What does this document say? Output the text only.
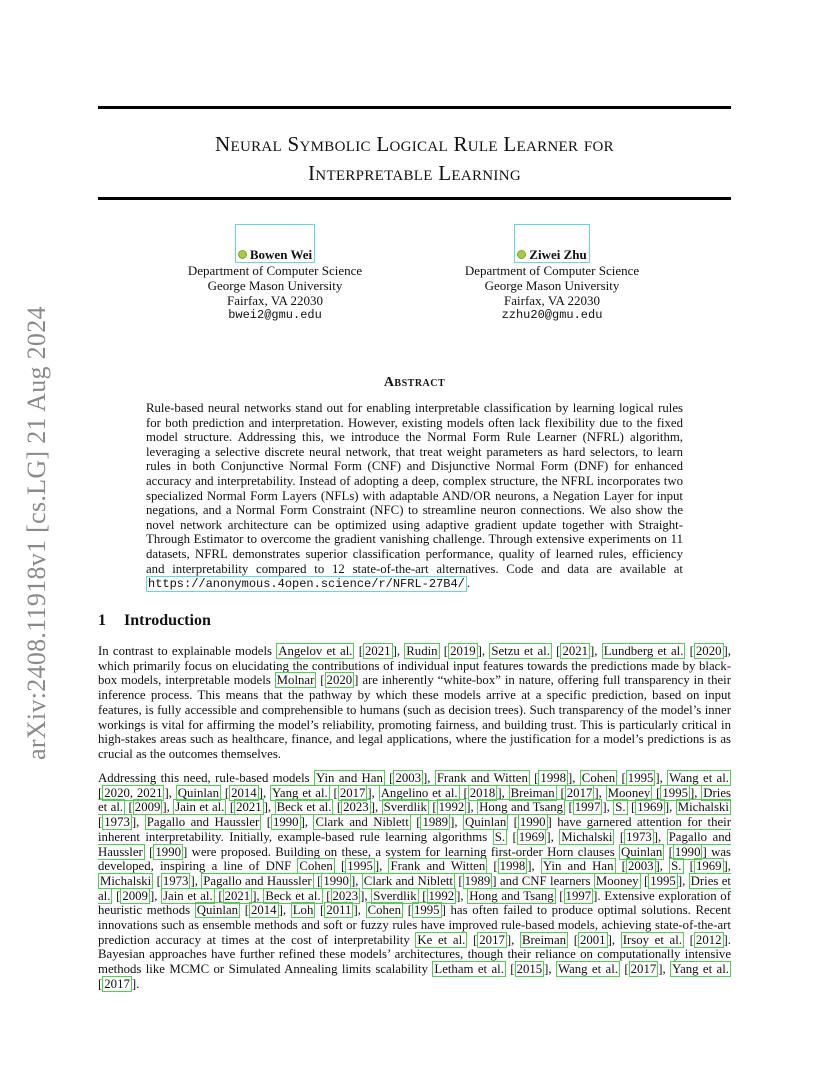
arXiv:2408.11918v1 [cs.LG] 21 Aug 2024
Neural Symbolic Logical Rule Learner for
Interpretable Learning
Bowen Wei
Department of Computer Science
George Mason University
Fairfax, VA 22030
bwei2@gmu.edu
Ziwei Zhu
Department of Computer Science
George Mason University
Fairfax, VA 22030
zzhu20@gmu.edu
Abstract
Rule-based neural networks stand out for enabling interpretable classification by learning logical rules for both prediction and interpretation. However, existing models often lack flexibility due to the fixed model structure. Addressing this, we introduce the Normal Form Rule Learner (NFRL) algorithm, leveraging a selective discrete neural network, that treat weight parameters as hard selectors, to learn rules in both Conjunctive Normal Form (CNF) and Disjunctive Normal Form (DNF) for enhanced accuracy and interpretability. Instead of adopting a deep, complex structure, the NFRL incorporates two specialized Normal Form Layers (NFLs) with adaptable AND/OR neurons, a Negation Layer for input negations, and a Normal Form Constraint (NFC) to streamline neuron connections. We also show the novel network architecture can be optimized using adaptive gradient update together with Straight-Through Estimator to overcome the gradient vanishing challenge. Through extensive experiments on 11 datasets, NFRL demonstrates superior classification performance, quality of learned rules, efficiency and interpretability compared to 12 state-of-the-art alternatives. Code and data are available at https://anonymous.4open.science/r/NFRL-27B4/ .
1 Introduction
In contrast to explainable models Angelov et al. [ 2021 ], Rudin [ 2019 ], Setzu et al. [ 2021 ], Lundberg et al. [ 2020 ], which primarily focus on elucidating the contributions of individual input features towards the predictions made by black-box models, interpretable models Molnar [ 2020 ] are inherently “white-box” in nature, offering full transparency in their inference process. This means that the pathway by which these models arrive at a specific prediction, based on input features, is fully accessible and comprehensible to humans (such as decision trees). Such transparency of the model’s inner workings is vital for affirming the model’s reliability, promoting fairness, and building trust. This is particularly critical in high-stakes areas such as healthcare, finance, and legal applications, where the justification for a model’s predictions is as crucial as the outcomes themselves.
Addressing this need, rule-based models Yin and Han [ 2003 ], Frank and Witten [ 1998 ], Cohen [ 1995 ], Wang et al. [ 2020, 2021 ], Quinlan [ 2014 ], Yang et al. [ 2017 ], Angelino et al. [ 2018 ], Breiman [ 2017 ], Mooney [ 1995 ], Dries et al. [ 2009 ], Jain et al. [ 2021 ], Beck et al. [ 2023 ], Sverdlik [ 1992 ], Hong and Tsang [ 1997 ], S. [ 1969 ], Michalski [ 1973 ], Pagallo and Haussler [ 1990 ], Clark and Niblett [ 1989 ], Quinlan [ 1990 ] have garnered attention for their inherent interpretability. Initially, example-based rule learning algorithms S. [ 1969 ], Michalski [ 1973 ], Pagallo and Haussler [ 1990 ] were proposed. Building on these, a system for learning first-order Horn clauses Quinlan [ 1990 ] was developed, inspiring a line of DNF Cohen [ 1995 ], Frank and Witten [ 1998 ], Yin and Han [ 2003 ], S. [ 1969 ], Michalski [ 1973 ], Pagallo and Haussler [ 1990 ], Clark and Niblett [ 1989 ] and CNF learners Mooney [ 1995 ], Dries et al. [ 2009 ], Jain et al. [ 2021 ], Beck et al. [ 2023 ], Sverdlik [ 1992 ], Hong and Tsang [ 1997 ]. Extensive exploration of heuristic methods Quinlan [ 2014 ], Loh [ 2011 ], Cohen [ 1995 ] has often failed to produce optimal solutions. Recent innovations such as ensemble methods and soft or fuzzy rules have improved rule-based models, achieving state-of-the-art prediction accuracy at times at the cost of interpretability Ke et al. [ 2017 ], Breiman [ 2001 ], Irsoy et al. [ 2012 ]. Bayesian approaches have further refined these models’ architectures, though their reliance on computationally intensive methods like MCMC or Simulated Annealing limits scalability Letham et al. [ 2015 ], Wang et al. [ 2017 ], Yang et al. [ 2017 ].
